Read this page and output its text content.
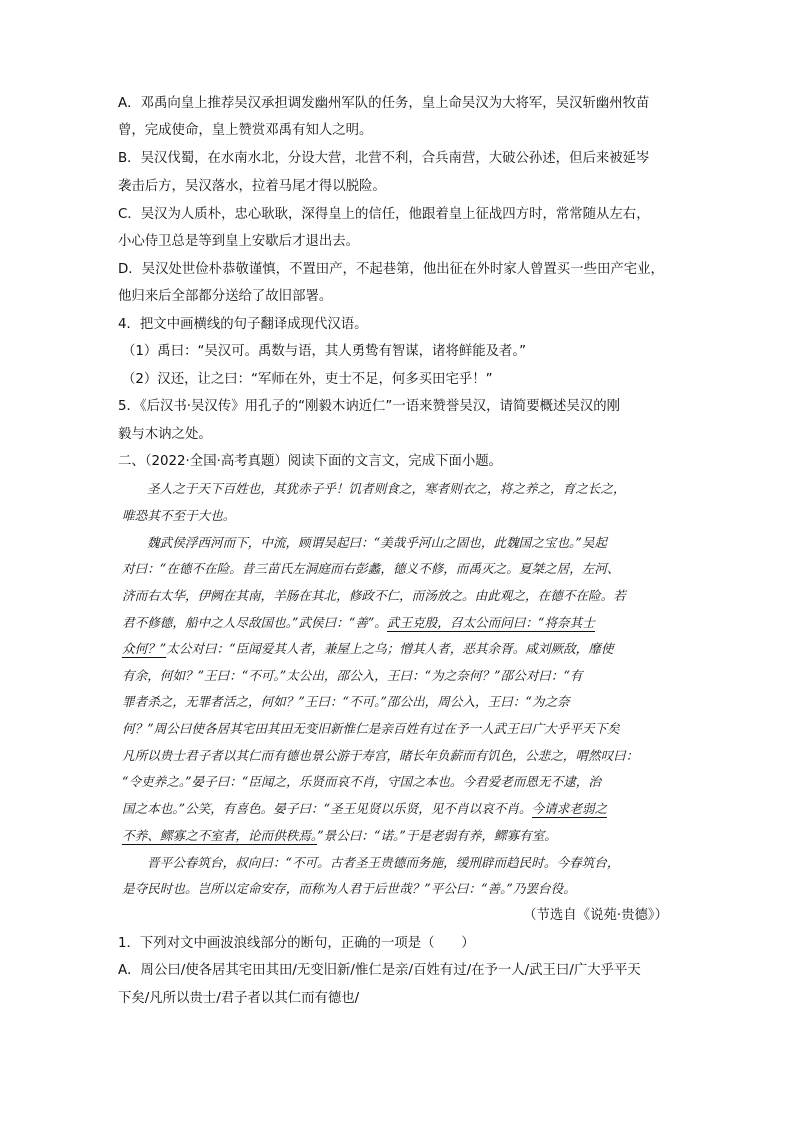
A．邓禹向皇上推荐吴汉承担调发幽州军队的任务，皇上命吴汉为大将军，吴汉斩幽州牧苗
曾，完成使命，皇上赞赏邓禹有知人之明。
B．吴汉伐蜀，在水南水北，分设大营，北营不利，合兵南营，大破公孙述，但后来被延岑
袭击后方，吴汉落水，拉着马尾才得以脱险。
C．吴汉为人质朴，忠心耿耿，深得皇上的信任，他跟着皇上征战四方时，常常随从左右，
小心侍卫总是等到皇上安歇后才退出去。
D．吴汉处世俭朴恭敬谨慎，不置田产，不起巷第，他出征在外时家人曾置买一些田产宅业，
他归来后全部都分送给了故旧部署。
4．把文中画横线的句子翻译成现代汉语。
（1）禹曰：“吴汉可。禹数与语，其人勇鸷有智谋，诸将鲜能及者。”
（2）汉还，让之曰：“军师在外，吏士不足，何多买田宅乎！”
5．《后汉书·吴汉传》用孔子的“刚毅木讷近仁”一语来赞誉吴汉，请简要概述吴汉的刚
毅与木讷之处。
二、（2022·全国·高考真题）阅读下面的文言文，完成下面小题。
圣人之于天下百姓也，其犹赤子乎！饥者则食之，寒者则衣之，将之养之，育之长之，
唯恐其不至于大也。
魏武侯浮西河而下，中流，顾谓吴起曰：“美哉乎河山之固也，此魏国之宝也。”吴起
对曰：“在德不在险。昔三苗氏左洞庭而右彭蠡，德义不修，而禹灭之。夏桀之居，左河、
济而右太华，伊阙在其南，羊肠在其北，修政不仁，而汤放之。由此观之，在德不在险。若
君不修德，船中之人尽敌国也。”武侯曰：“善”。武王克殷，召太公而问曰：“将奈其士
众何？”太公对曰：“臣闻爱其人者，兼屋上之乌；憎其人者，恶其余胥。咸刘厥敌，靡使
有余，何如？”王曰：“不可。”太公出，邵公入，王曰：“为之奈何？”邵公对曰：“有
罪者杀之，无罪者活之，何如？”王曰：“不可。”邵公出，周公入，王曰：“为之奈
何？”周公曰使各居其宅田其田无变旧新惟仁是亲百姓有过在予一人武王曰广大乎平天下矣
凡所以贵士君子者以其仁而有德也景公游于寿宫，睹长年负薪而有饥色，公悲之，喟然叹曰：
“令吏养之。”晏子曰：“臣闻之，乐贤而哀不肖，守国之本也。今君爱老而恩无不逮，治
国之本也。”公笑，有喜色。晏子曰：“圣王见贤以乐贤，见不肖以哀不肖。今请求老弱之
不养、鳏寡之不室者，论而供秩焉。”景公曰：“诺。”于是老弱有养，鳏寡有室。
晋平公春筑台，叔向曰：“不可。古者圣王贵德而务施，缓刑辟而趋民时。今春筑台，
是夺民时也。岂所以定命安存，而称为人君于后世哉？”平公曰：“善。”乃罢台役。
（节选自《说苑·贵德》）
1．下列对文中画波浪线部分的断句，正确的一项是（　　）
A．周公曰/使各居其宅田其田/无变旧新/惟仁是亲/百姓有过/在予一人/武王曰/广大乎平天
下矣/凡所以贵士/君子者以其仁而有德也/
